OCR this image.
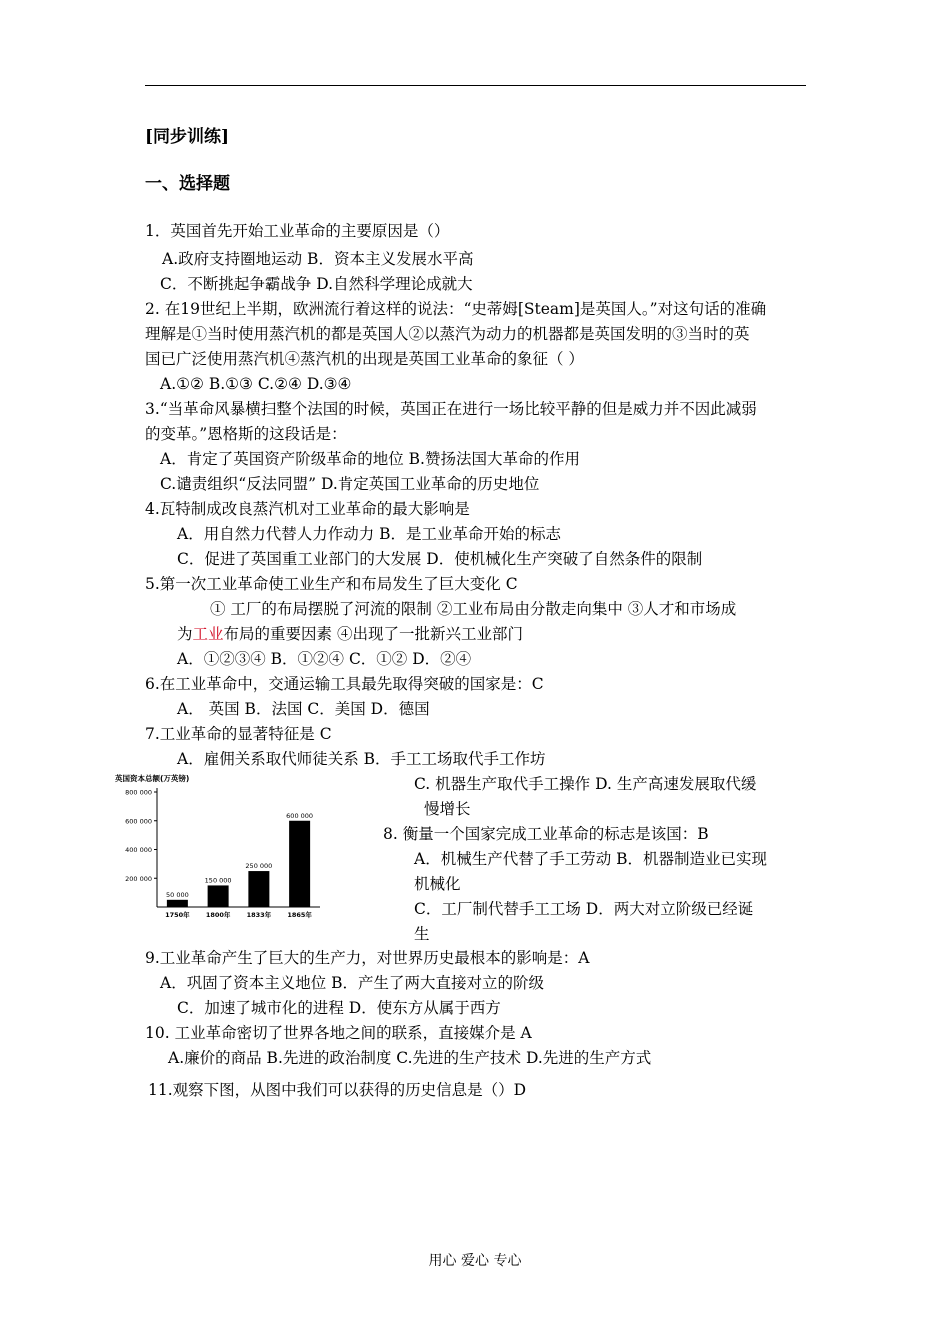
[同步训练]
一、选择题
1．英国首先开始工业革命的主要原因是（）
A.政府支持圈地运动 B．资本主义发展水平高
C．不断挑起争霸战争 D.自然科学理论成就大
2. 在19世纪上半期，欧洲流行着这样的说法：“史蒂姆[Steam]是英国人。”对这句话的准确
理解是①当时使用蒸汽机的都是英国人②以蒸汽为动力的机器都是英国发明的③当时的英
国已广泛使用蒸汽机④蒸汽机的出现是英国工业革命的象征（ ）
A.①② B.①③ C.②④ D.③④
3.“当革命风暴横扫整个法国的时候，英国正在进行一场比较平静的但是威力并不因此减弱
的变革。”恩格斯的这段话是：
A．肯定了英国资产阶级革命的地位 B.赞扬法国大革命的作用
C.谴责组织“反法同盟” D.肯定英国工业革命的历史地位
4.瓦特制成改良蒸汽机对工业革命的最大影响是
A．用自然力代替人力作动力 B．是工业革命开始的标志
C．促进了英国重工业部门的大发展 D．使机械化生产突破了自然条件的限制
5.第一次工业革命使工业生产和布局发生了巨大变化 C
① 工厂的布局摆脱了河流的限制 ②工业布局由分散走向集中 ③人才和市场成
为工业布局的重要因素 ④出现了一批新兴工业部门
A．①②③④ B．①②④ C．①② D．②④
6.在工业革命中，交通运输工具最先取得突破的国家是：C
A． 英国 B．法国 C．美国 D．德国
7.工业革命的显著特征是 C
A．雇佣关系取代师徒关系 B．手工工场取代手工作坊
C. 机器生产取代手工操作 D. 生产高速发展取代缓
慢增长
英国资本总额(万英镑)
200 000
400 000
600 000
800 000
50 000
1750年
150 000
1800年
250 000
1833年
600 000
1865年
8. 衡量一个国家完成工业革命的标志是该国：B
A．机械生产代替了手工劳动 B．机器制造业已实现
机械化
C．工厂制代替手工工场 D．两大对立阶级已经诞
生
9.工业革命产生了巨大的生产力，对世界历史最根本的影响是：A
A．巩固了资本主义地位 B．产生了两大直接对立的阶级
C．加速了城市化的进程 D．使东方从属于西方
10. 工业革命密切了世界各地之间的联系，直接媒介是 A
A.廉价的商品 B.先进的政治制度 C.先进的生产技术 D.先进的生产方式
11.观察下图，从图中我们可以获得的历史信息是（）D
用心 爱心 专心
